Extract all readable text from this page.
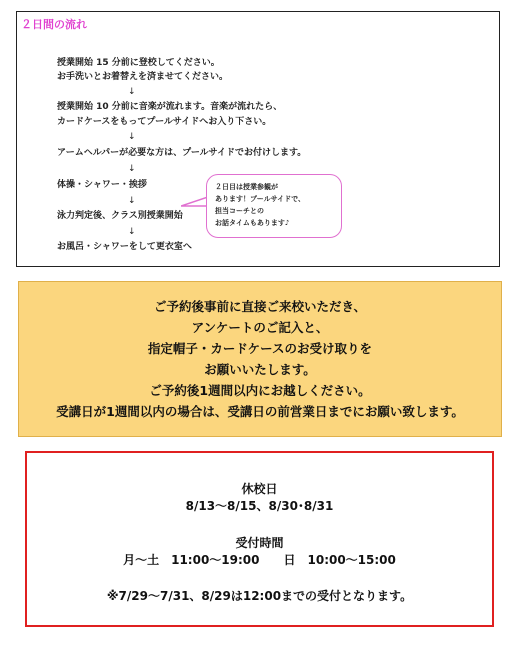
２日間の流れ
授業開始 15 分前に登校してください。
お手洗いとお着替えを済ませてください。
↓
授業開始 10 分前に音楽が流れます。音楽が流れたら、
カードケースをもってプールサイドへお入り下さい。
↓
アームヘルパーが必要な方は、プールサイドでお付けします。
↓
体操・シャワー・挨拶
↓
泳力判定後、クラス別授業開始
↓
お風呂・シャワーをして更衣室へ
２日目は授業参観が
あります！プールサイドで、
担当コーチとの
お話タイムもあります♪
ご予約後事前に直接ご来校いただき、
アンケートのご記入と、
指定帽子・カードケースのお受け取りを
お願いいたします。
ご予約後1週間以内にお越しください。
受講日が1週間以内の場合は、受講日の前営業日までにお願い致します。
休校日
8/13～8/15、8/30･8/31
受付時間
月～土　11:00～19:00　　日　10:00～15:00
※7/29～7/31、8/29は12:00までの受付となります。
